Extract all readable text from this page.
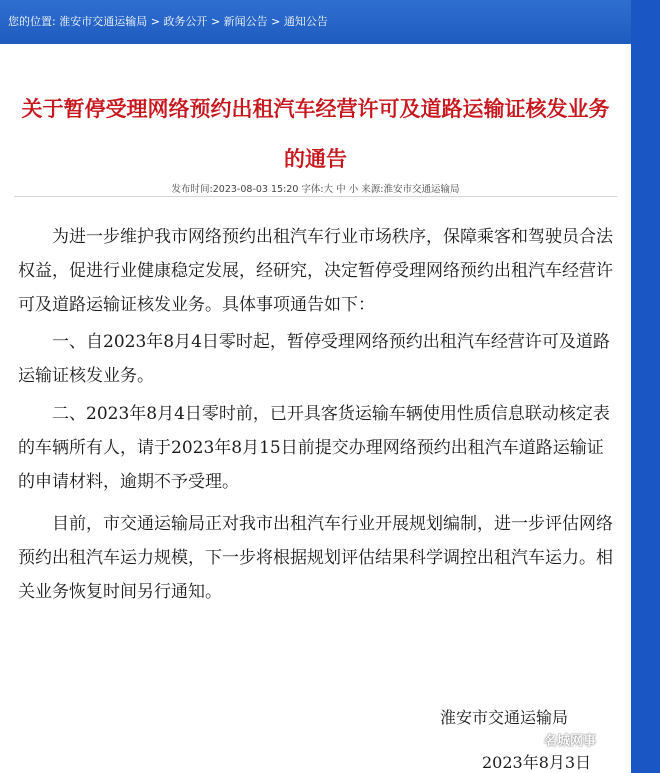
您的位置: 淮安市交通运输局 > 政务公开 > 新闻公告 > 通知公告
关于暂停受理网络预约出租汽车经营许可及道路运输证核发业务
的通告
发布时间:2023-08-03 15:20 字体:大 中 小 来源:淮安市交通运输局

为进一步维护我市网络预约出租汽车行业市场秩序，保障乘客和驾驶员合法权益，促进行业健康稳定发展，经研究，决定暂停受理网络预约出租汽车经营许可及道路运输证核发业务。具体事项通告如下：

一、自2023年8月4日零时起，暂停受理网络预约出租汽车经营许可及道路运输证核发业务。

二、2023年8月4日零时前，已开具客货运输车辆使用性质信息联动核定表的车辆所有人，请于2023年8月15日前提交办理网络预约出租汽车道路运输证的申请材料，逾期不予受理。

目前，市交通运输局正对我市出租汽车行业开展规划编制，进一步评估网络预约出租汽车运力规模，下一步将根据规划评估结果科学调控出租汽车运力。相关业务恢复时间另行通知。

淮安市交通运输局
名城网事
2023年8月3日
